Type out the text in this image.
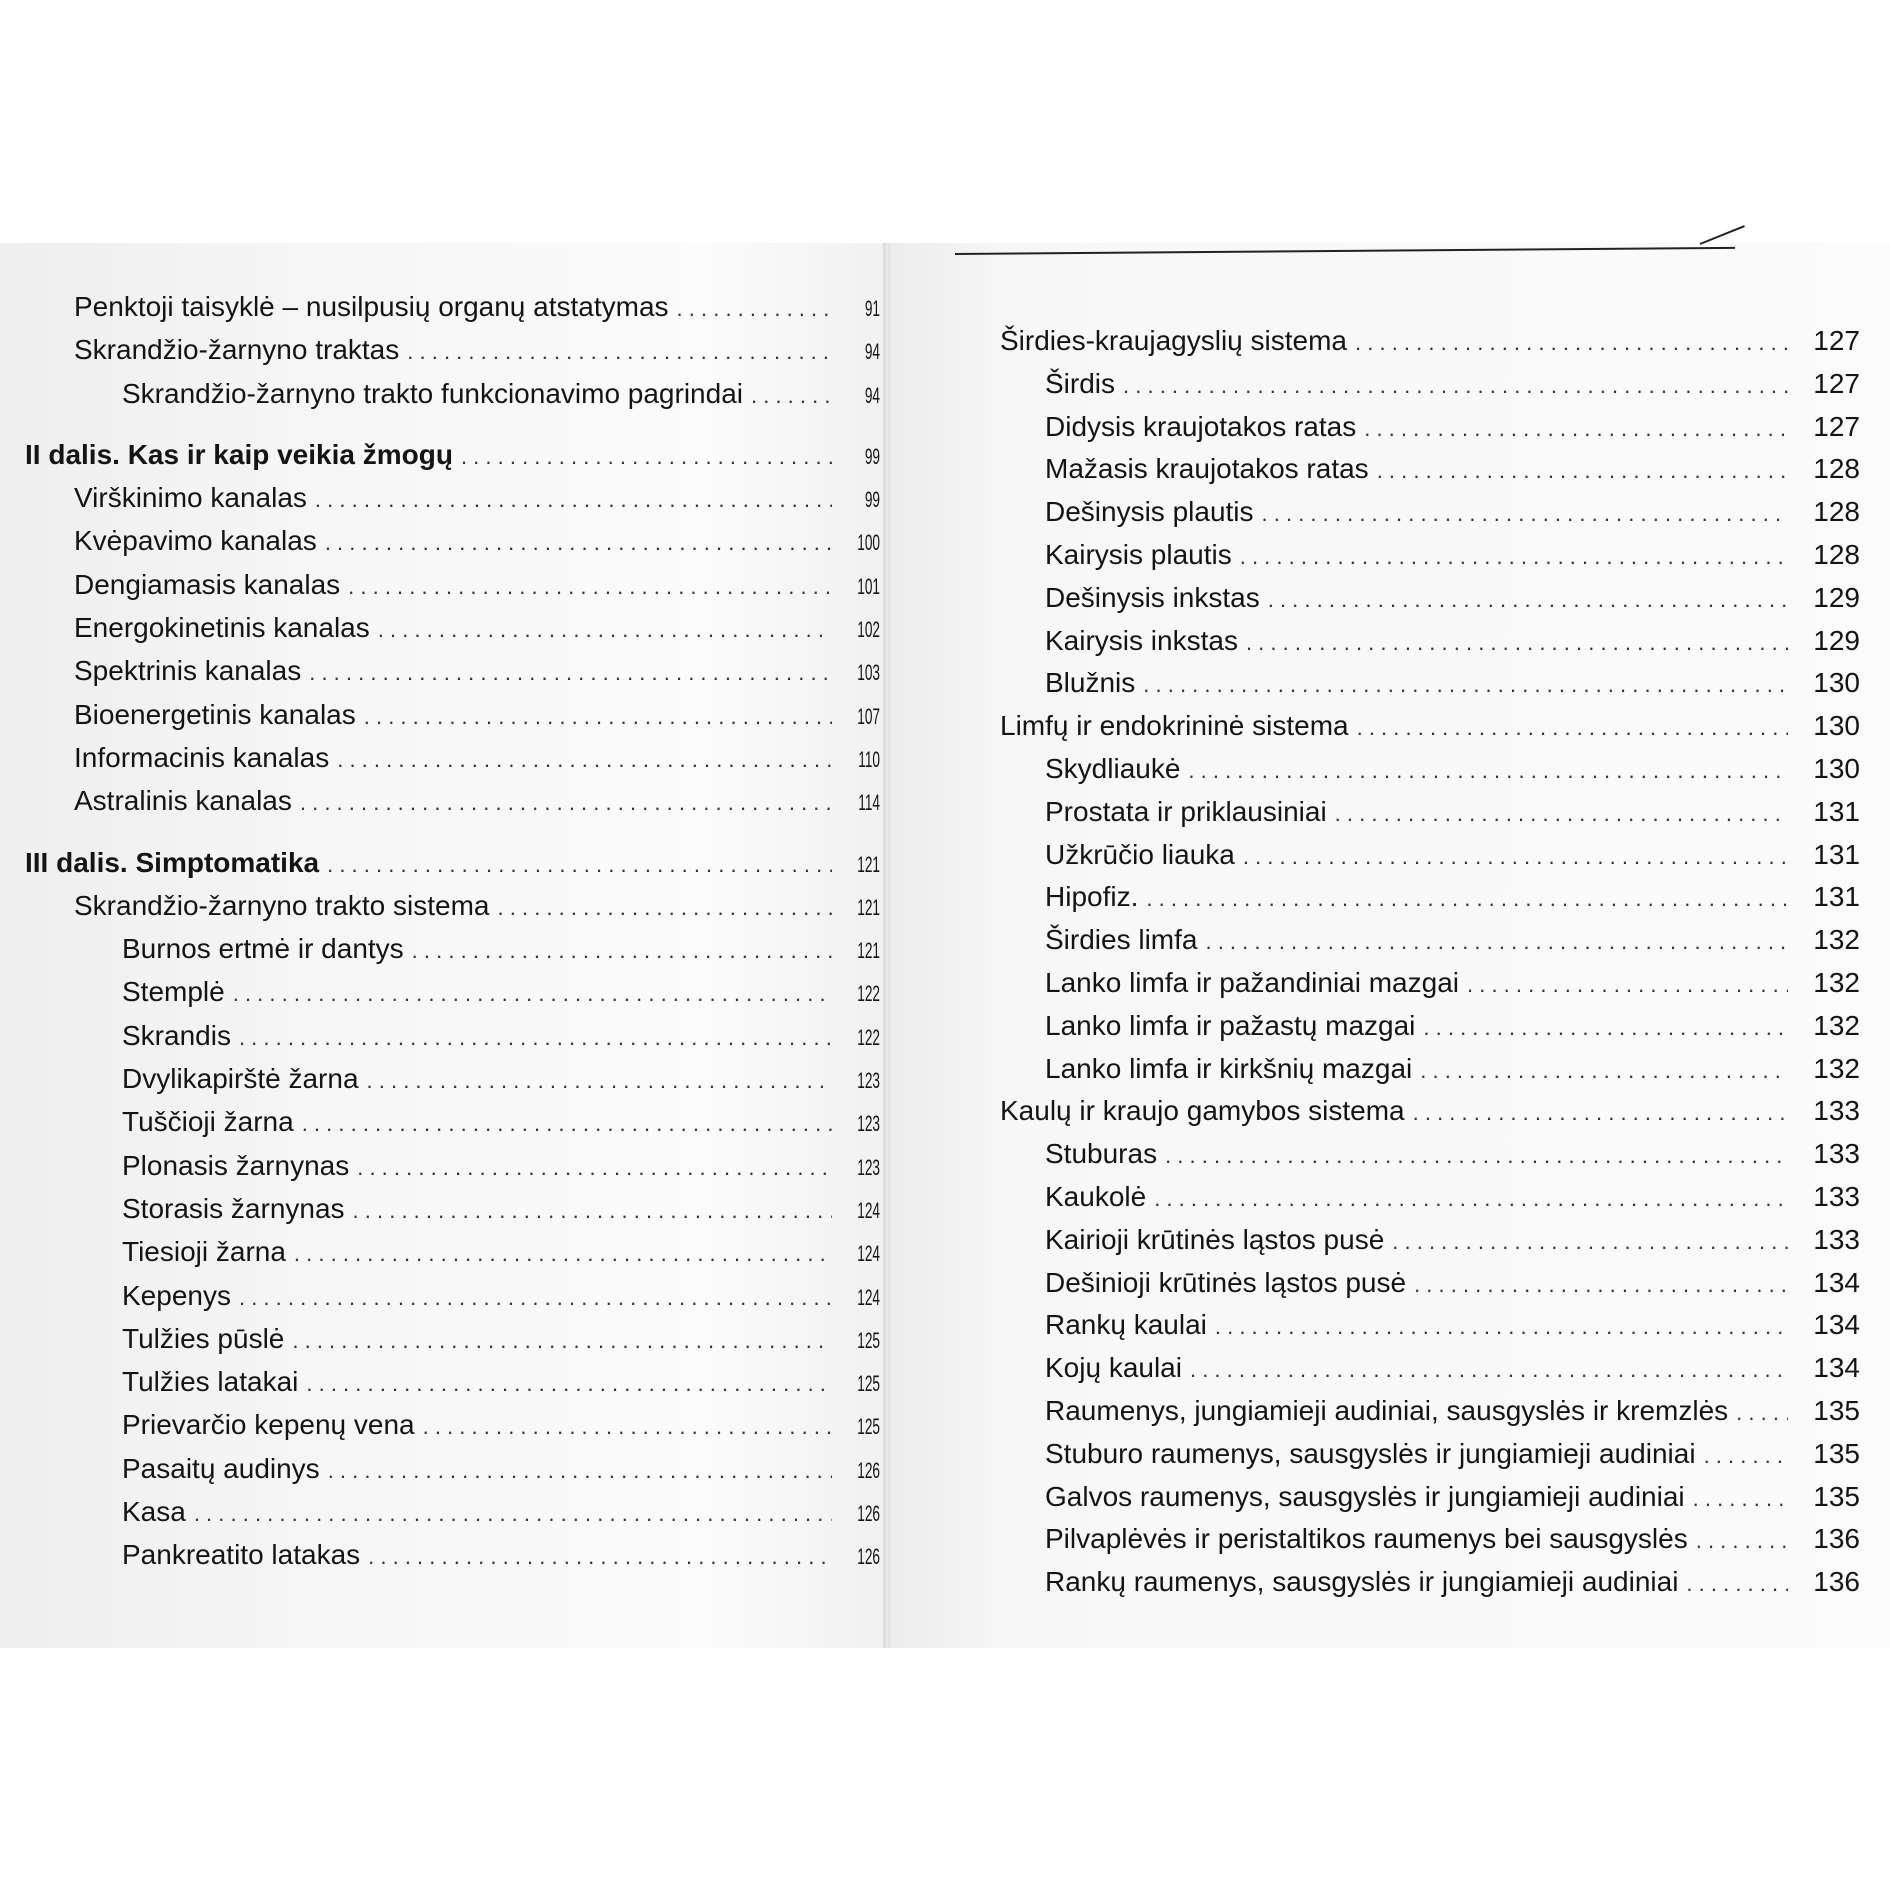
Penktoji taisyklė – nusilpusių organų atstatymas . . .	91
Skrandžio-žarnyno traktas . . .	94
Skrandžio-žarnyno trakto funkcionavimo pagrindai . . .	94
II dalis. Kas ir kaip veikia žmogų . . .	99
Virškinimo kanalas . . .	99
Kvėpavimo kanalas . . .	100
Dengiamasis kanalas . . .	101
Energokinetinis kanalas . . .	102
Spektrinis kanalas . . .	103
Bioenergetinis kanalas . . .	107
Informacinis kanalas . . .	110
Astralinis kanalas . . .	114
III dalis. Simptomatika . . .	121
Skrandžio-žarnyno trakto sistema . . .	121
Burnos ertmė ir dantys . . .	121
Stemplė . . .	122
Skrandis . . .	122
Dvylikapirštė žarna . . .	123
Tuščioji žarna . . .	123
Plonasis žarnynas . . .	123
Storasis žarnynas . . .	124
Tiesioji žarna . . .	124
Kepenys . . .	124
Tulžies pūslė . . .	125
Tulžies latakai . . .	125
Prievarčio kepenų vena . . .	125
Pasaitų audinys . . .	126
Kasa . . .	126
Pankreatito latakas . . .	126
Širdies-kraujagyslių sistema . . .	127
Širdis . . .	127
Didysis kraujotakos ratas . . .	127
Mažasis kraujotakos ratas . . .	128
Dešinysis plautis . . .	128
Kairysis plautis . . .	128
Dešinysis inkstas . . .	129
Kairysis inkstas . . .	129
Blužnis . . .	130
Limfų ir endokrininė sistema . . .	130
Skydliaukė . . .	130
Prostata ir priklausiniai . . .	131
Užkrūčio liauka . . .	131
Hipofiz. . . .	131
Širdies limfa . . .	132
Lanko limfa ir pažandiniai mazgai . . .	132
Lanko limfa ir pažastų mazgai . . .	132
Lanko limfa ir kirkšnių mazgai . . .	132
Kaulų ir kraujo gamybos sistema . . .	133
Stuburas . . .	133
Kaukolė . . .	133
Kairioji krūtinės ląstos pusė . . .	133
Dešinioji krūtinės ląstos pusė . . .	134
Rankų kaulai . . .	134
Kojų kaulai . . .	134
Raumenys, jungiamieji audiniai, sausgyslės ir kremzlės . . .	135
Stuburo raumenys, sausgyslės ir jungiamieji audiniai . . .	135
Galvos raumenys, sausgyslės ir jungiamieji audiniai . . .	135
Pilvaplėvės ir peristaltikos raumenys bei sausgyslės . . .	136
Rankų raumenys, sausgyslės ir jungiamieji audiniai . . .	136
